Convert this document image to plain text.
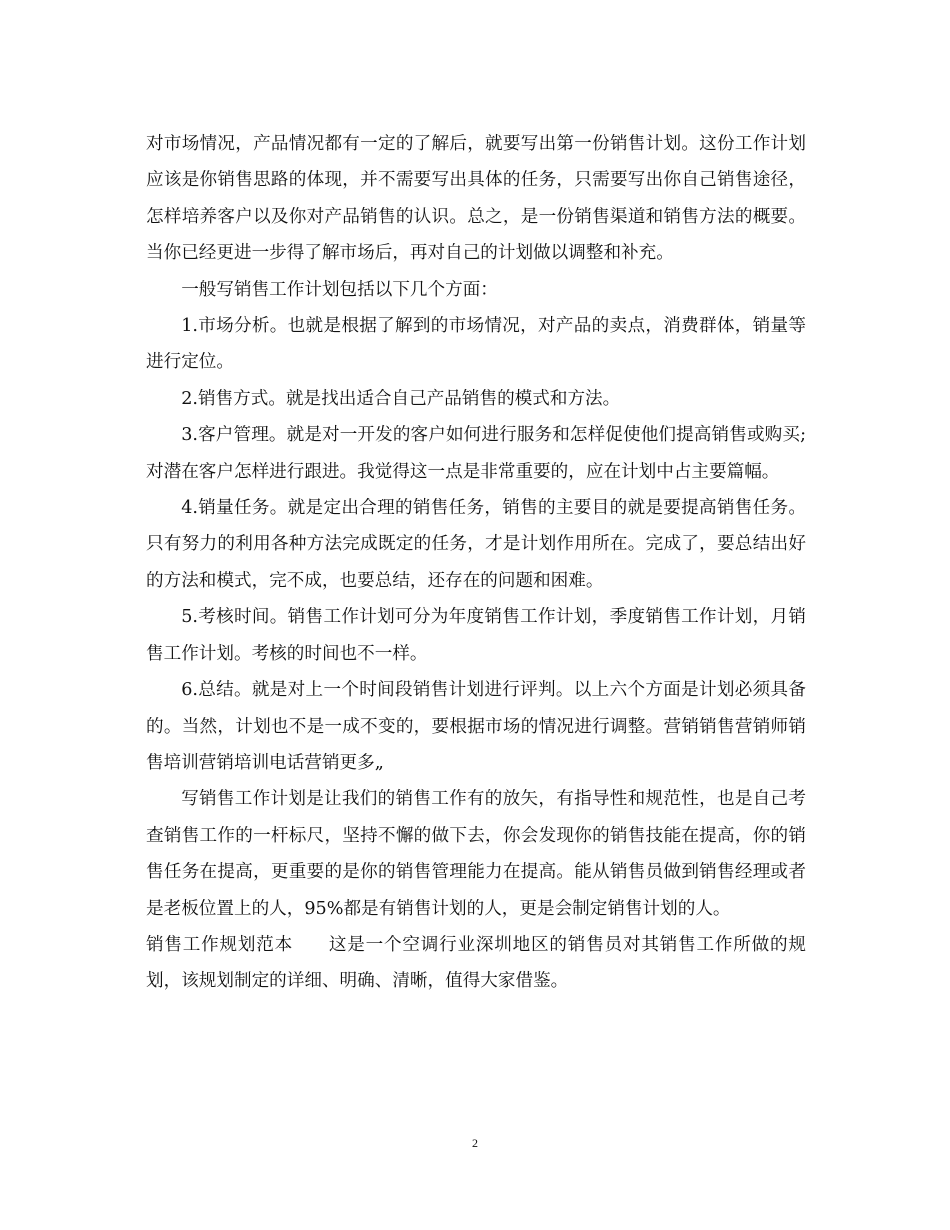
对市场情况，产品情况都有一定的了解后，就要写出第一份销售计划。这份工作计划应该是你销售思路的体现，并不需要写出具体的任务，只需要写出你自己销售途径，怎样培养客户以及你对产品销售的认识。总之，是一份销售渠道和销售方法的概要。当你已经更进一步得了解市场后，再对自己的计划做以调整和补充。

一般写销售工作计划包括以下几个方面：

1.市场分析。也就是根据了解到的市场情况，对产品的卖点，消费群体，销量等进行定位。

2.销售方式。就是找出适合自己产品销售的模式和方法。

3.客户管理。就是对一开发的客户如何进行服务和怎样促使他们提高销售或购买;对潜在客户怎样进行跟进。我觉得这一点是非常重要的，应在计划中占主要篇幅。

4.销量任务。就是定出合理的销售任务，销售的主要目的就是要提高销售任务。只有努力的利用各种方法完成既定的任务，才是计划作用所在。完成了，要总结出好的方法和模式，完不成，也要总结，还存在的问题和困难。

5.考核时间。销售工作计划可分为年度销售工作计划，季度销售工作计划，月销售工作计划。考核的时间也不一样。

6.总结。就是对上一个时间段销售计划进行评判。以上六个方面是计划必须具备的。当然，计划也不是一成不变的，要根据市场的情况进行调整。营销销售营销师销售培训营销培训电话营销更多„

写销售工作计划是让我们的销售工作有的放矢，有指导性和规范性，也是自己考查销售工作的一杆标尺，坚持不懈的做下去，你会发现你的销售技能在提高，你的销售任务在提高，更重要的是你的销售管理能力在提高。能从销售员做到销售经理或者是老板位置上的人，95%都是有销售计划的人，更是会制定销售计划的人。

销售工作规划范本 这是一个空调行业深圳地区的销售员对其销售工作所做的规划，该规划制定的详细、明确、清晰，值得大家借鉴。

2
